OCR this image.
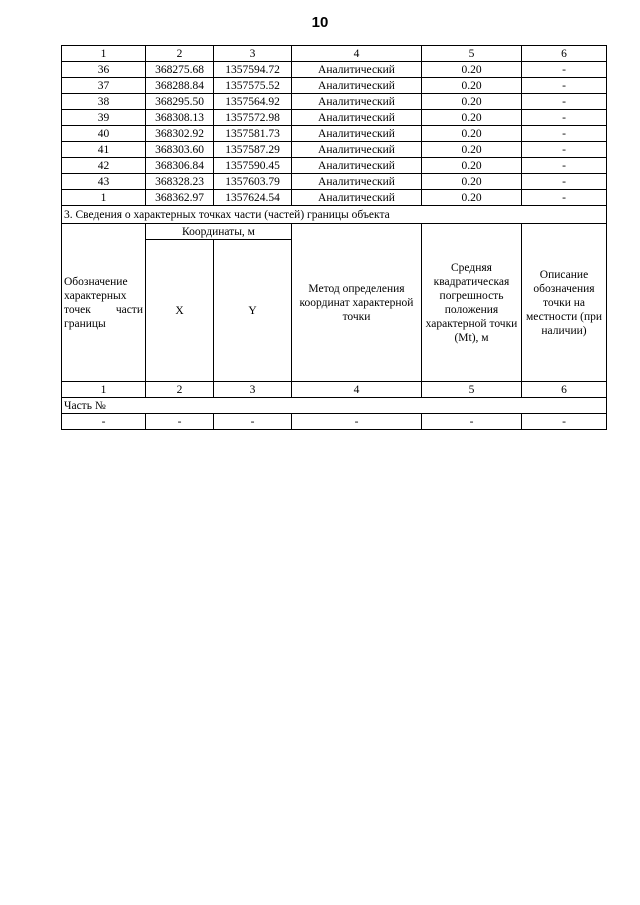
10
1	2	3	4	5	6
36	368275.68	1357594.72	Аналитический	0.20	-
37	368288.84	1357575.52	Аналитический	0.20	-
38	368295.50	1357564.92	Аналитический	0.20	-
39	368308.13	1357572.98	Аналитический	0.20	-
40	368302.92	1357581.73	Аналитический	0.20	-
41	368303.60	1357587.29	Аналитический	0.20	-
42	368306.84	1357590.45	Аналитический	0.20	-
43	368328.23	1357603.79	Аналитический	0.20	-
1	368362.97	1357624.54	Аналитический	0.20	-
3. Сведения о характерных точках части (частей) границы объекта					
Обозначение характерных точек части границы	Координаты, м		Метод определения координат характерной точки	Средняя квадратическая погрешность положения характерной точки (Mt), м	Описание обозначения точки на местности (при наличии)
	X	Y			
1	2	3	4	5	6
Часть №					
-	-	-	-	-	-
